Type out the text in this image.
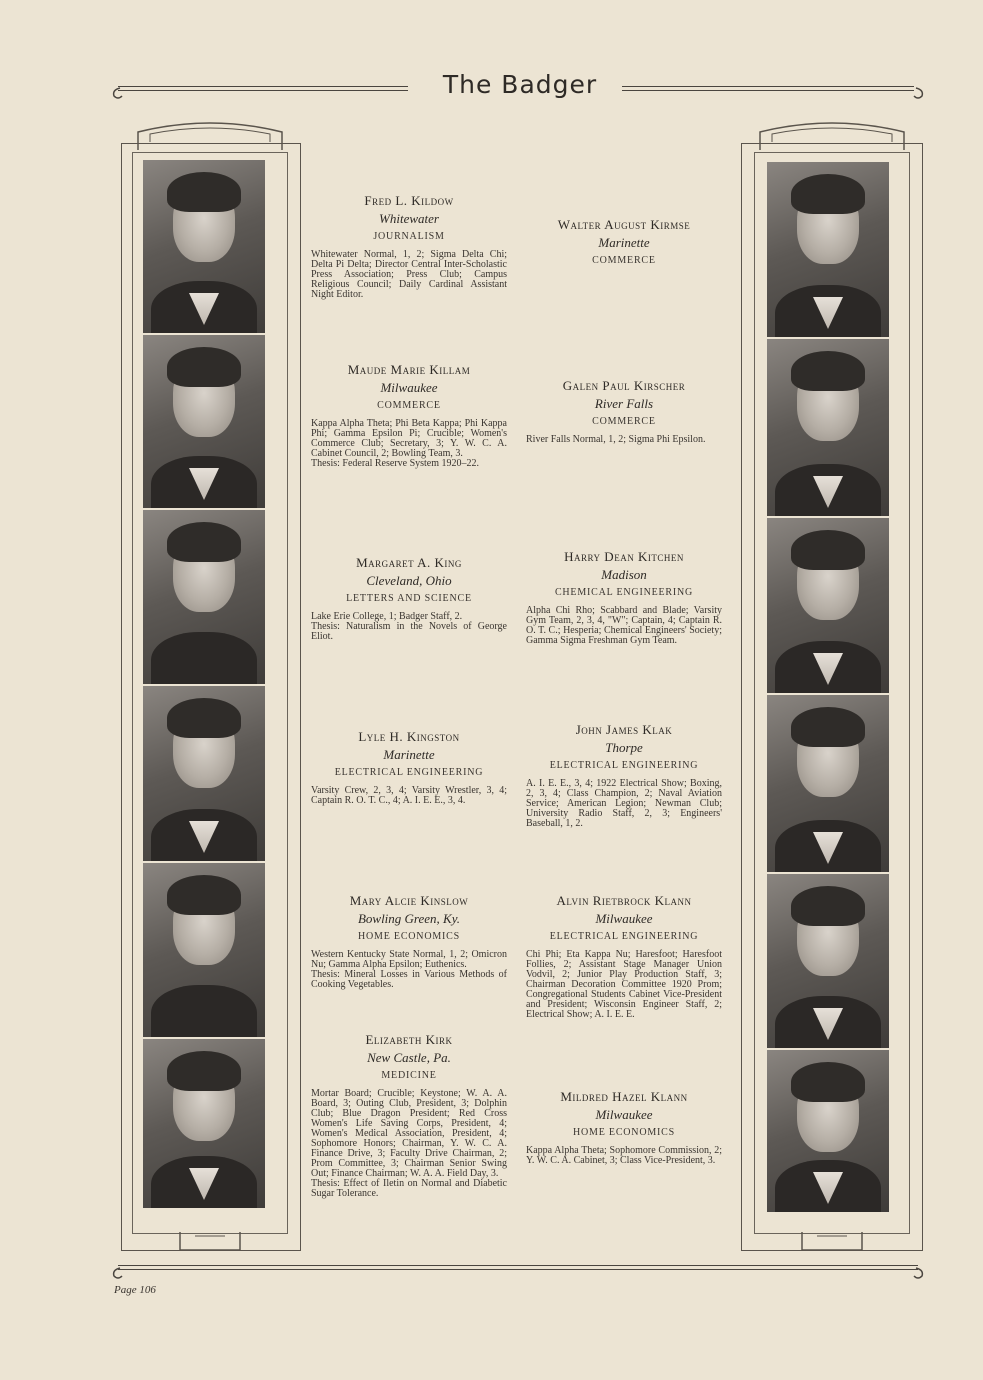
The Badger
Fred L. Kildow
Whitewater
JOURNALISM
Whitewater Normal, 1, 2; Sigma Delta Chi; Delta Pi Delta; Director Central Inter-Scholastic Press Association; Press Club; Campus Religious Council; Daily Cardinal Assistant Night Editor.
Maude Marie Killam
Milwaukee
COMMERCE
Kappa Alpha Theta; Phi Beta Kappa; Phi Kappa Phi; Gamma Epsilon Pi; Crucible; Women's Commerce Club; Secretary, 3; Y. W. C. A. Cabinet Council, 2; Bowling Team, 3.
Thesis: Federal Reserve System 1920–22.
Margaret A. King
Cleveland, Ohio
LETTERS AND SCIENCE
Lake Erie College, 1; Badger Staff, 2.
Thesis: Naturalism in the Novels of George Eliot.
Lyle H. Kingston
Marinette
ELECTRICAL ENGINEERING
Varsity Crew, 2, 3, 4; Varsity Wrestler, 3, 4; Captain R. O. T. C., 4; A. I. E. E., 3, 4.
Mary Alcie Kinslow
Bowling Green, Ky.
HOME ECONOMICS
Western Kentucky State Normal, 1, 2; Omicron Nu; Gamma Alpha Epsilon; Euthenics.
Thesis: Mineral Losses in Various Methods of Cooking Vegetables.
Elizabeth Kirk
New Castle, Pa.
MEDICINE
Mortar Board; Crucible; Keystone; W. A. A. Board, 3; Outing Club, President, 3; Dolphin Club; Blue Dragon President; Red Cross Women's Life Saving Corps, President, 4; Women's Medical Association, President, 4; Sophomore Honors; Chairman, Y. W. C. A. Finance Drive, 3; Faculty Drive Chairman, 2; Prom Committee, 3; Chairman Senior Swing Out; Finance Chairman; W. A. A. Field Day, 3.
Thesis: Effect of Iletin on Normal and Diabetic Sugar Tolerance.
Walter August Kirmse
Marinette
COMMERCE
Galen Paul Kirscher
River Falls
COMMERCE
River Falls Normal, 1, 2; Sigma Phi Epsilon.
Harry Dean Kitchen
Madison
CHEMICAL ENGINEERING
Alpha Chi Rho; Scabbard and Blade; Varsity Gym Team, 2, 3, 4, "W"; Captain, 4; Captain R. O. T. C.; Hesperia; Chemical Engineers' Society; Gamma Sigma Freshman Gym Team.
John James Klak
Thorpe
ELECTRICAL ENGINEERING
A. I. E. E., 3, 4; 1922 Electrical Show; Boxing, 2, 3, 4; Class Champion, 2; Naval Aviation Service; American Legion; Newman Club; University Radio Staff, 2, 3; Engineers' Baseball, 1, 2.
Alvin Rietbrock Klann
Milwaukee
ELECTRICAL ENGINEERING
Chi Phi; Eta Kappa Nu; Haresfoot; Haresfoot Follies, 2; Assistant Stage Manager Union Vodvil, 2; Junior Play Production Staff, 3; Chairman Decoration Committee 1920 Prom; Congregational Students Cabinet Vice-President and President; Wisconsin Engineer Staff, 2; Electrical Show; A. I. E. E.
Mildred Hazel Klann
Milwaukee
HOME ECONOMICS
Kappa Alpha Theta; Sophomore Commission, 2; Y. W. C. A. Cabinet, 3; Class Vice-President, 3.
Page 106
